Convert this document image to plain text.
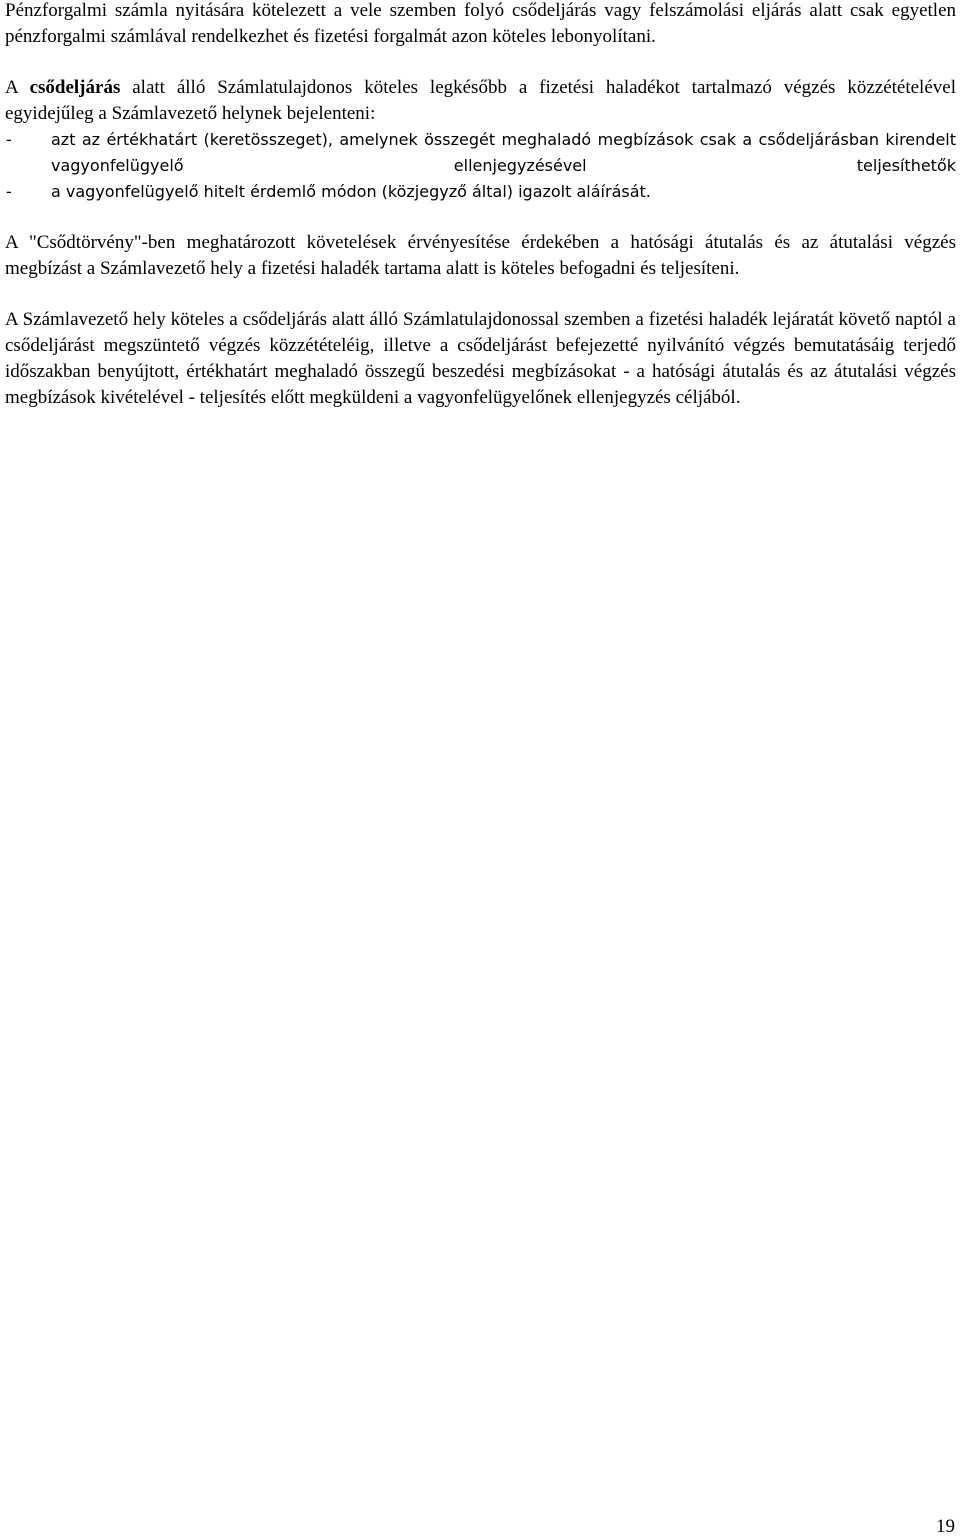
Pénzforgalmi számla nyitására kötelezett a vele szemben folyó csődeljárás vagy felszámolási eljárás alatt csak egyetlen pénzforgalmi számlával rendelkezhet és fizetési forgalmát azon köteles lebonyolítani.

A csődeljárás alatt álló Számlatulajdonos köteles legkésőbb a fizetési haladékot tartalmazó végzés közzétételével egyidejűleg a Számlavezető helynek bejelenteni:

- azt az értékhatárt (keretösszeget), amelynek összegét meghaladó megbízások csak a csődeljárásban kirendelt vagyonfelügyelő ellenjegyzésével teljesíthetők
- a vagyonfelügyelő hitelt érdemlő módon (közjegyző által) igazolt aláírását.

A "Csődtörvény"-ben meghatározott követelések érvényesítése érdekében a hatósági átutalás és az átutalási végzés megbízást a Számlavezető hely a fizetési haladék tartama alatt is köteles befogadni és teljesíteni.

A Számlavezető hely köteles a csődeljárás alatt álló Számlatulajdonossal szemben a fizetési haladék lejáratát követő naptól a csődeljárást megszüntető végzés közzétételéig, illetve a csődeljárást befejezetté nyilvánító végzés bemutatásáig terjedő időszakban benyújtott, értékhatárt meghaladó összegű beszedési megbízásokat - a hatósági átutalás és az átutalási végzés megbízások kivételével - teljesítés előtt megküldeni a vagyonfelügyelőnek ellenjegyzés céljából.

19
